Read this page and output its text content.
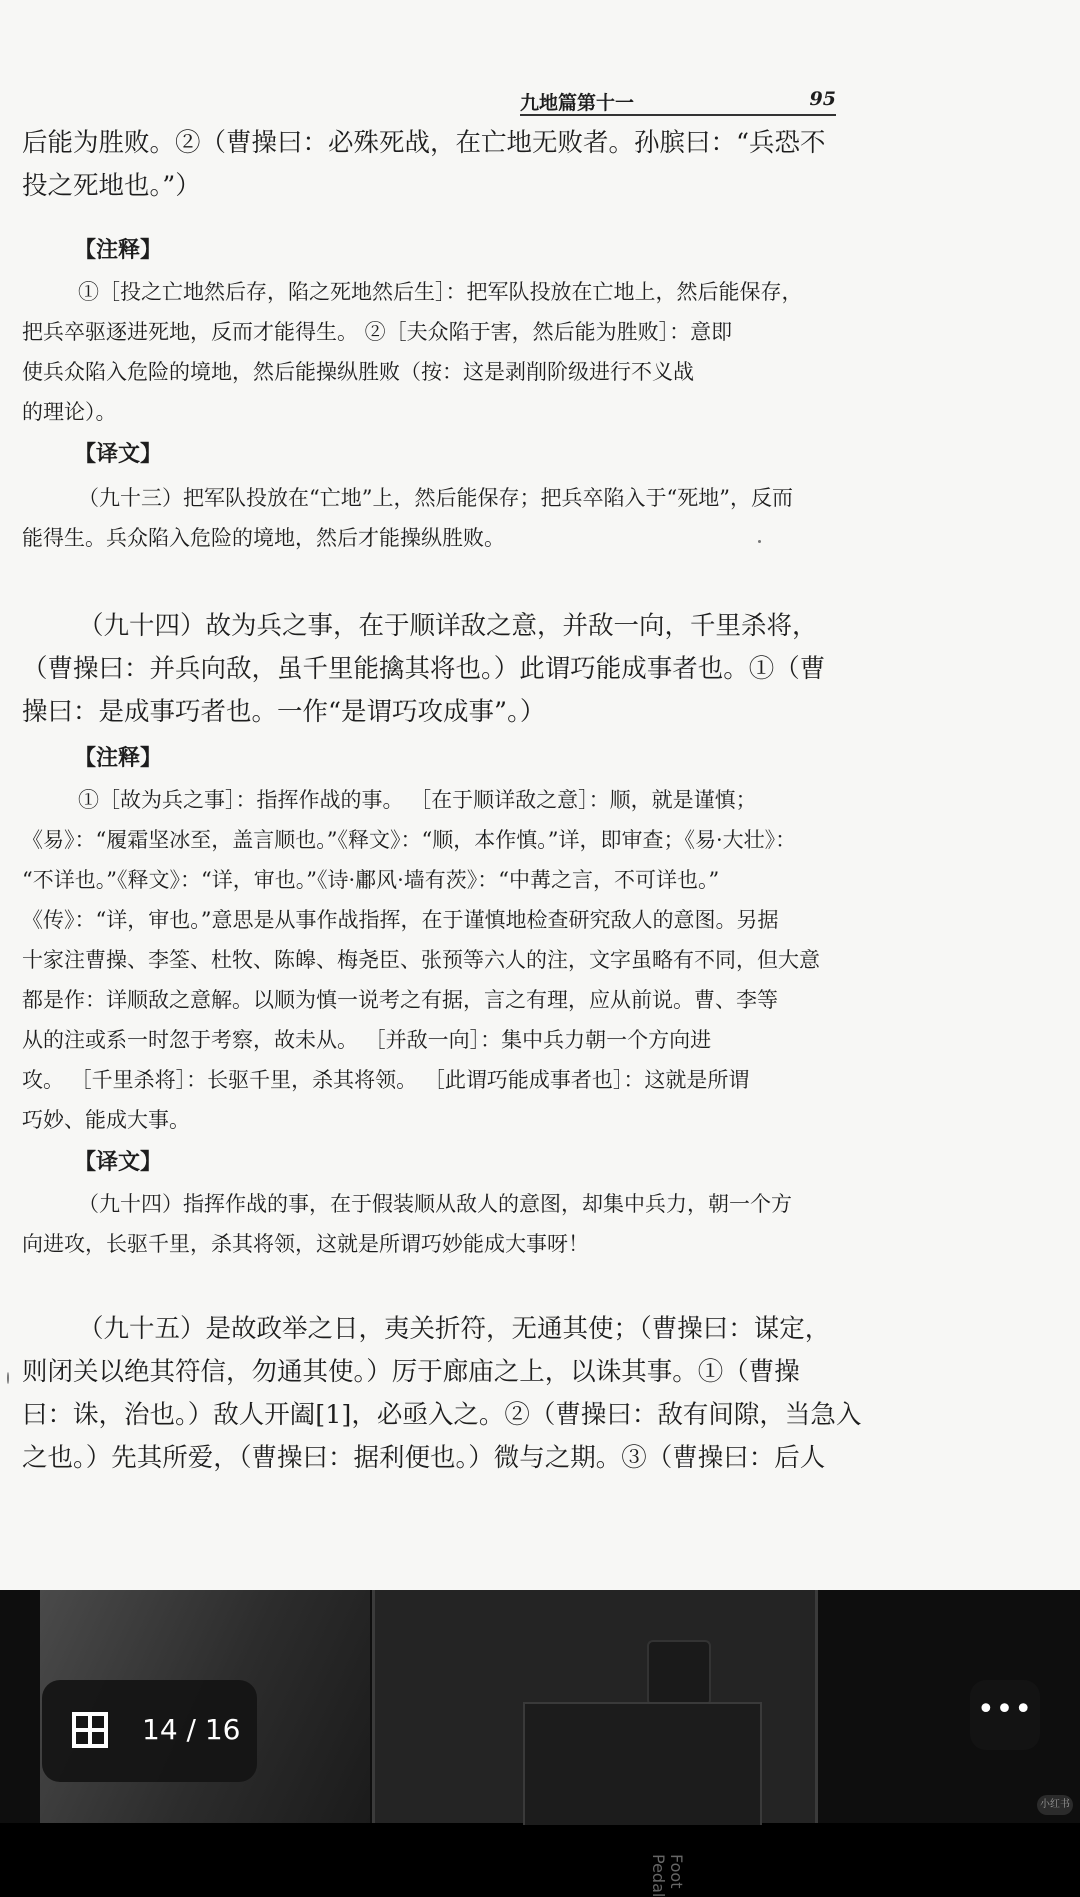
九地篇第十一	95
后能为胜败。②（曹操曰：必殊死战，在亡地无败者。孙膑曰：“兵恐不
投之死地也。”）
【注释】
①［投之亡地然后存，陷之死地然后生］：把军队投放在亡地上，然后能保存，
把兵卒驱逐进死地，反而才能得生。 ②［夫众陷于害，然后能为胜败］：意即
使兵众陷入危险的境地，然后能操纵胜败（按：这是剥削阶级进行不义战
的理论）。
【译文】
（九十三）把军队投放在“亡地”上，然后能保存；把兵卒陷入于“死地”，反而
能得生。兵众陷入危险的境地，然后才能操纵胜败。
（九十四）故为兵之事，在于顺详敌之意，并敌一向，千里杀将，
（曹操曰：并兵向敌，虽千里能擒其将也。）此谓巧能成事者也。①（曹
操曰：是成事巧者也。一作“是谓巧攻成事”。）
【注释】
①［故为兵之事］：指挥作战的事。 ［在于顺详敌之意］：顺，就是谨慎；
《易》：“履霜坚冰至，盖言顺也。”《释文》：“顺，本作慎。”详，即审查；《易·大壮》：
“不详也。”《释文》：“详，审也。”《诗·鄘风·墙有茨》：“中冓之言，不可详也。”
《传》：“详，审也。”意思是从事作战指挥，在于谨慎地检查研究敌人的意图。另据
十家注曹操、李筌、杜牧、陈皞、梅尧臣、张预等六人的注，文字虽略有不同，但大意
都是作：详顺敌之意解。以顺为慎一说考之有据，言之有理，应从前说。曹、李等
从的注或系一时忽于考察，故未从。 ［并敌一向］：集中兵力朝一个方向进
攻。 ［千里杀将］：长驱千里，杀其将领。 ［此谓巧能成事者也］：这就是所谓
巧妙、能成大事。
【译文】
（九十四）指挥作战的事，在于假装顺从敌人的意图，却集中兵力，朝一个方
向进攻，长驱千里，杀其将领，这就是所谓巧妙能成大事呀！
（九十五）是故政举之日，夷关折符，无通其使；（曹操曰：谋定，
则闭关以绝其符信，勿通其使。）厉于廊庙之上，以诛其事。①（曹操
曰：诛，治也。）敌人开阖[1]，必亟入之。②（曹操曰：敌有间隙，当急入
之也。）先其所爱，（曹操曰：据利便也。）微与之期。③（曹操曰：后人
Foot
Pedal
14 / 16
•••
小红书
